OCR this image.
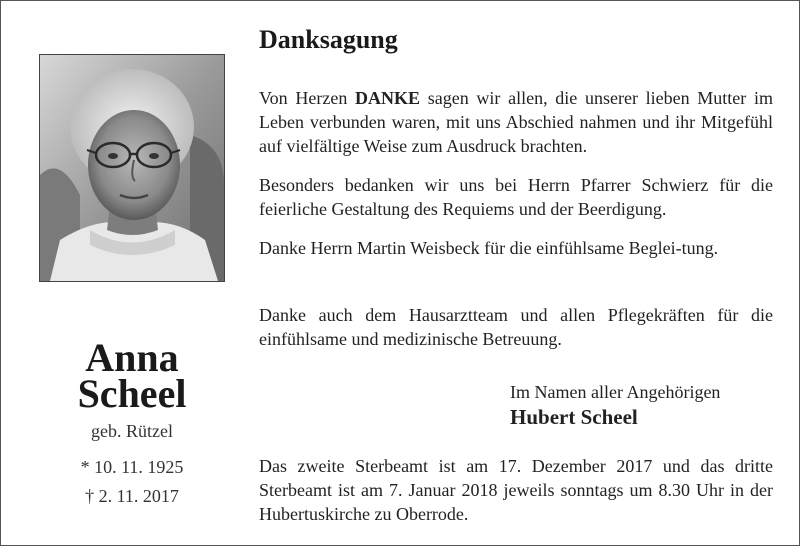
Anna
Scheel
geb. Rützel
* 10. 11. 1925
† 2. 11. 2017
Danksagung
Von Herzen DANKE sagen wir allen, die unserer lieben Mutter im Leben verbunden waren, mit uns Abschied nahmen und ihr Mitgefühl auf vielfältige Weise zum Ausdruck brachten.
Besonders bedanken wir uns bei Herrn Pfarrer Schwierz für die feierliche Gestaltung des Requiems und der Beerdigung.
Danke Herrn Martin Weisbeck für die einfühlsame Beglei-tung.
Danke auch dem Hausarztteam und allen Pflegekräften für die einfühlsame und medizinische Betreuung.
Im Namen aller Angehörigen
Hubert Scheel
Das zweite Sterbeamt ist am 17. Dezember 2017 und das dritte Sterbeamt ist am 7. Januar 2018 jeweils sonntags um 8.30 Uhr in der Hubertuskirche zu Oberrode.
